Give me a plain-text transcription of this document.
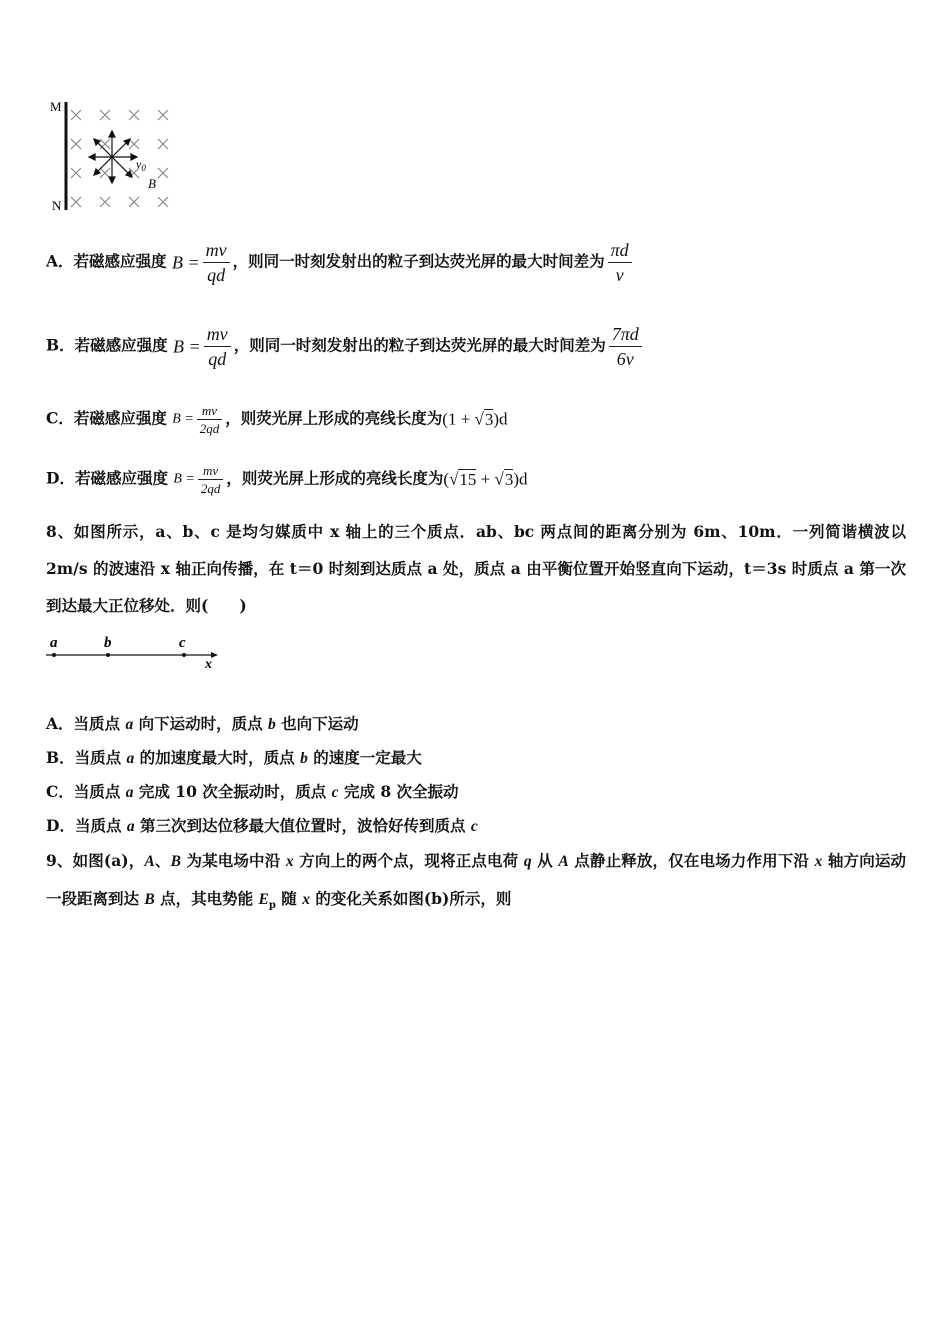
M
N
$v_0$
B
A．若磁感应强度 $B = \frac{mv}{qd}$ ，则同一时刻发射出的粒子到达荧光屏的最大时间差为 $\frac{\pi d}{v}$
B．若磁感应强度 $B = \frac{mv}{qd}$ ，则同一时刻发射出的粒子到达荧光屏的最大时间差为 $\frac{7\pi d}{6v}$
C．若磁感应强度 $B = \frac{mv}{2qd}$ ，则荧光屏上形成的亮线长度为(1 + √3)d
D．若磁感应强度 $B = \frac{mv}{2qd}$ ，则荧光屏上形成的亮线长度为(√15 + √3)d
8、如图所示，a、b、c 是均匀媒质中 x 轴上的三个质点．ab、bc 两点间的距离分别为 6m、10m．一列简谐横波以 2m/s 的波速沿 x 轴正向传播，在 t＝0 时刻到达质点 a 处，质点 a 由平衡位置开始竖直向下运动，t＝3s 时质点 a 第一次到达最大正位移处．则(　　)
a	b	c
x
A．当质点 a 向下运动时，质点 b 也向下运动
B．当质点 a 的加速度最大时，质点 b 的速度一定最大
C．当质点 a 完成 10 次全振动时，质点 c 完成 8 次全振动
D．当质点 a 第三次到达位移最大值位置时，波恰好传到质点 c
9、如图(a)，A、B 为某电场中沿 x 方向上的两个点，现将正点电荷 q 从 A 点静止释放，仅在电场力作用下沿 x 轴方向运动一段距离到达 B 点，其电势能 $E_p$ 随 x 的变化关系如图(b)所示，则
